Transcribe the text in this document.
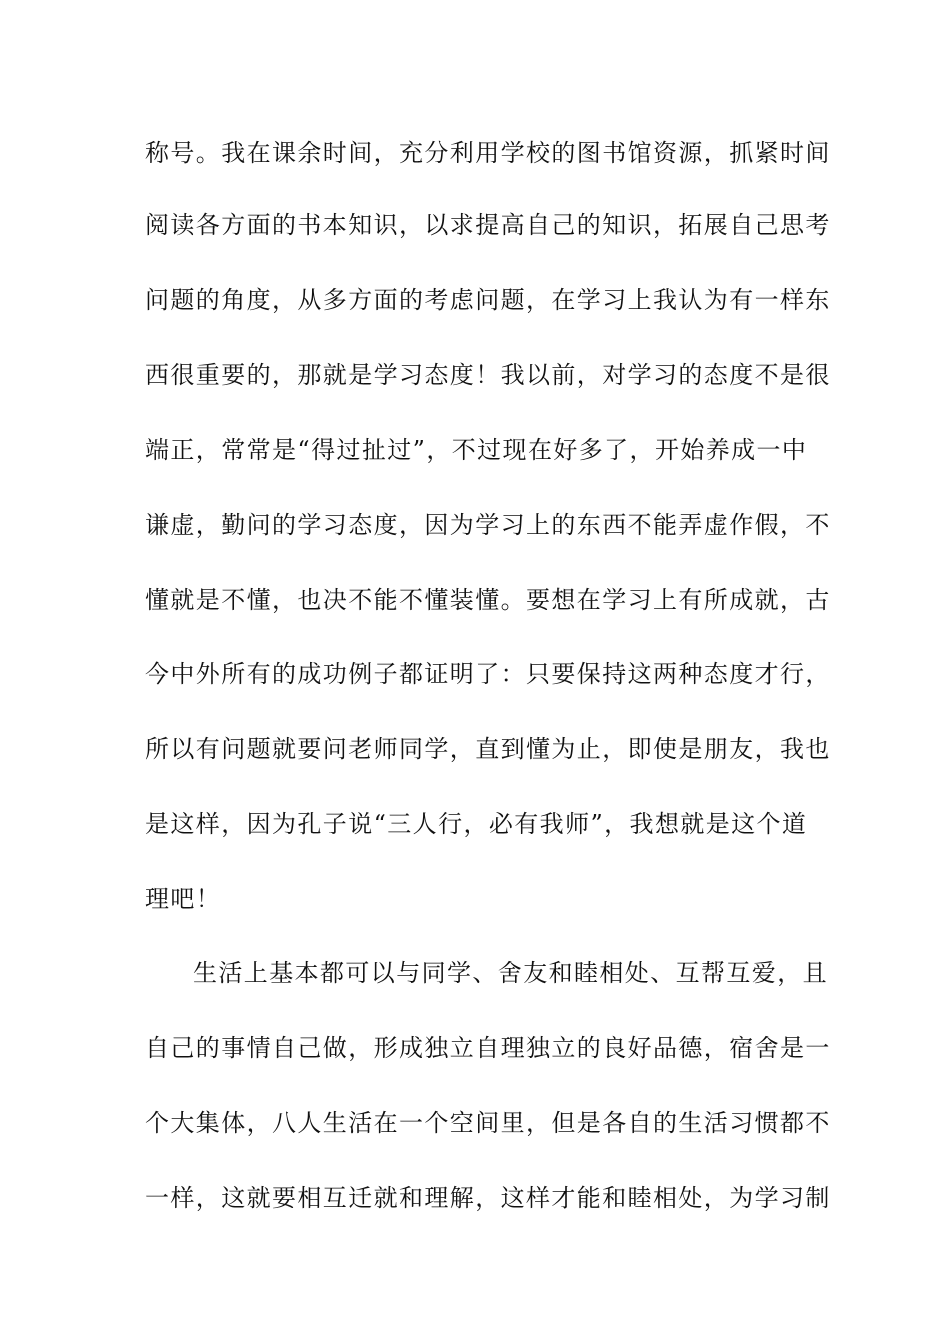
称号。我在课余时间，充分利用学校的图书馆资源，抓紧时间
阅读各方面的书本知识，以求提高自己的知识，拓展自己思考
问题的角度，从多方面的考虑问题，在学习上我认为有一样东
西很重要的，那就是学习态度！我以前，对学习的态度不是很
端正，常常是“得过扯过”，不过现在好多了，开始养成一中
谦虚，勤问的学习态度，因为学习上的东西不能弄虚作假，不
懂就是不懂，也决不能不懂装懂。要想在学习上有所成就，古
今中外所有的成功例子都证明了：只要保持这两种态度才行，
所以有问题就要问老师同学，直到懂为止，即使是朋友，我也
是这样，因为孔子说“三人行，必有我师”，我想就是这个道
理吧！
生活上基本都可以与同学、舍友和睦相处、互帮互爱，且
自己的事情自己做，形成独立自理独立的良好品德，宿舍是一
个大集体，八人生活在一个空间里，但是各自的生活习惯都不
一样，这就要相互迁就和理解，这样才能和睦相处，为学习制
